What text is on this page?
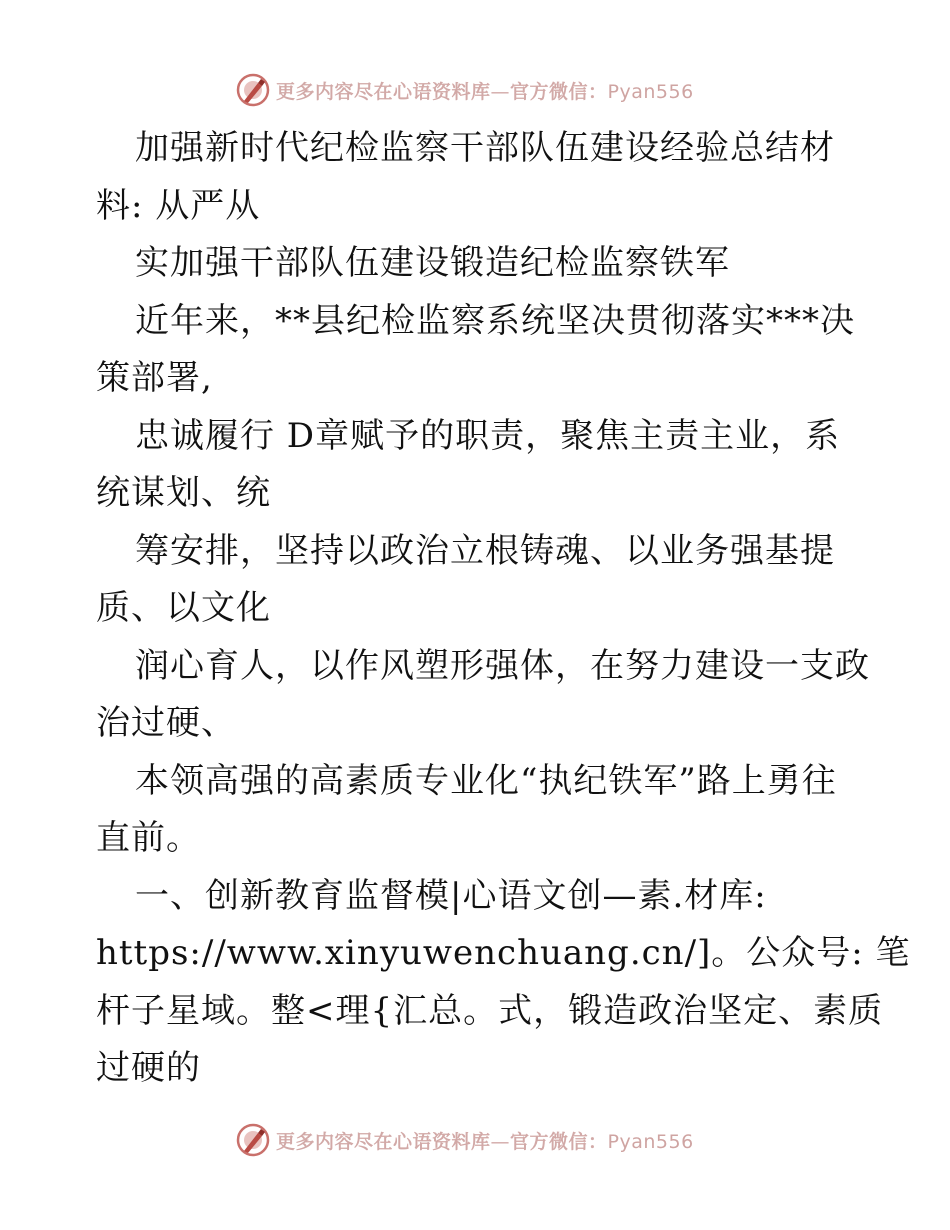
更多内容尽在心语资料库—官方微信：Pyan556
加强新时代纪检监察干部队伍建设经验总结材
料: 从严从
实加强干部队伍建设锻造纪检监察铁军
近年来，**县纪检监察系统坚决贯彻落实***决
策部署,
忠诚履行 D章赋予的职责，聚焦主责主业，系
统谋划、统
筹安排，坚持以政治立根铸魂、以业务强基提
质、以文化
润心育人，以作风塑形强体，在努力建设一支政
治过硬、
本领高强的高素质专业化“执纪铁军”路上勇往
直前。
一、创新教育监督模|心语文创—素.材库:
https://www.xinyuwenchuang.cn/]。公众号: 笔
杆子星域。整<理{汇总。式，锻造政治坚定、素质
过硬的
更多内容尽在心语资料库—官方微信：Pyan556
